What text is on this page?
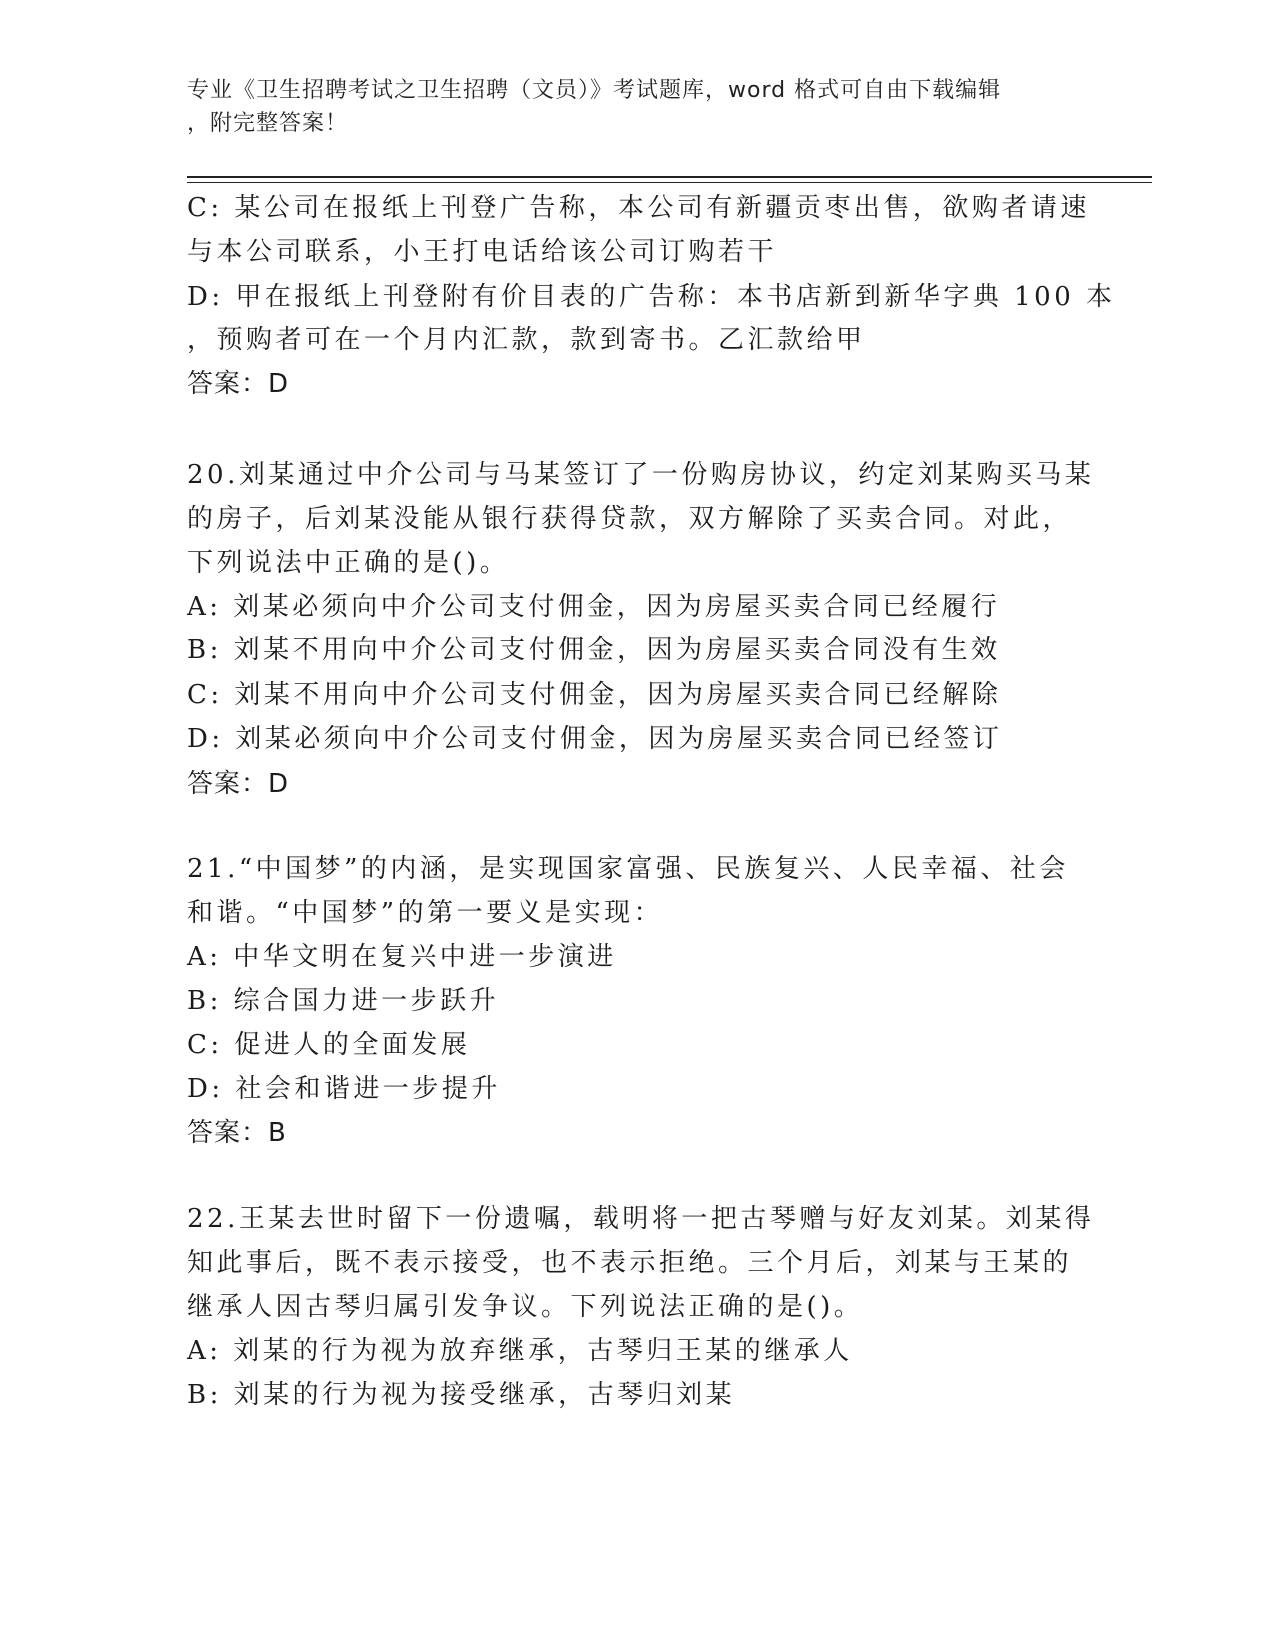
专业《卫生招聘考试之卫生招聘（文员）》考试题库，word 格式可自由下载编辑
，附完整答案！
C: 某公司在报纸上刊登广告称，本公司有新疆贡枣出售，欲购者请速
与本公司联系，小王打电话给该公司订购若干
D: 甲在报纸上刊登附有价目表的广告称：本书店新到新华字典 100 本
，预购者可在一个月内汇款，款到寄书。乙汇款给甲
答案：D
20.刘某通过中介公司与马某签订了一份购房协议，约定刘某购买马某
的房子，后刘某没能从银行获得贷款，双方解除了买卖合同。对此，
下列说法中正确的是()。
A: 刘某必须向中介公司支付佣金，因为房屋买卖合同已经履行
B: 刘某不用向中介公司支付佣金，因为房屋买卖合同没有生效
C: 刘某不用向中介公司支付佣金，因为房屋买卖合同已经解除
D: 刘某必须向中介公司支付佣金，因为房屋买卖合同已经签订
答案：D
21.“中国梦”的内涵，是实现国家富强、民族复兴、人民幸福、社会
和谐。“中国梦”的第一要义是实现：
A: 中华文明在复兴中进一步演进
B: 综合国力进一步跃升
C: 促进人的全面发展
D: 社会和谐进一步提升
答案：B
22.王某去世时留下一份遗嘱，载明将一把古琴赠与好友刘某。刘某得
知此事后，既不表示接受，也不表示拒绝。三个月后，刘某与王某的
继承人因古琴归属引发争议。下列说法正确的是()。
A: 刘某的行为视为放弃继承，古琴归王某的继承人
B: 刘某的行为视为接受继承，古琴归刘某
